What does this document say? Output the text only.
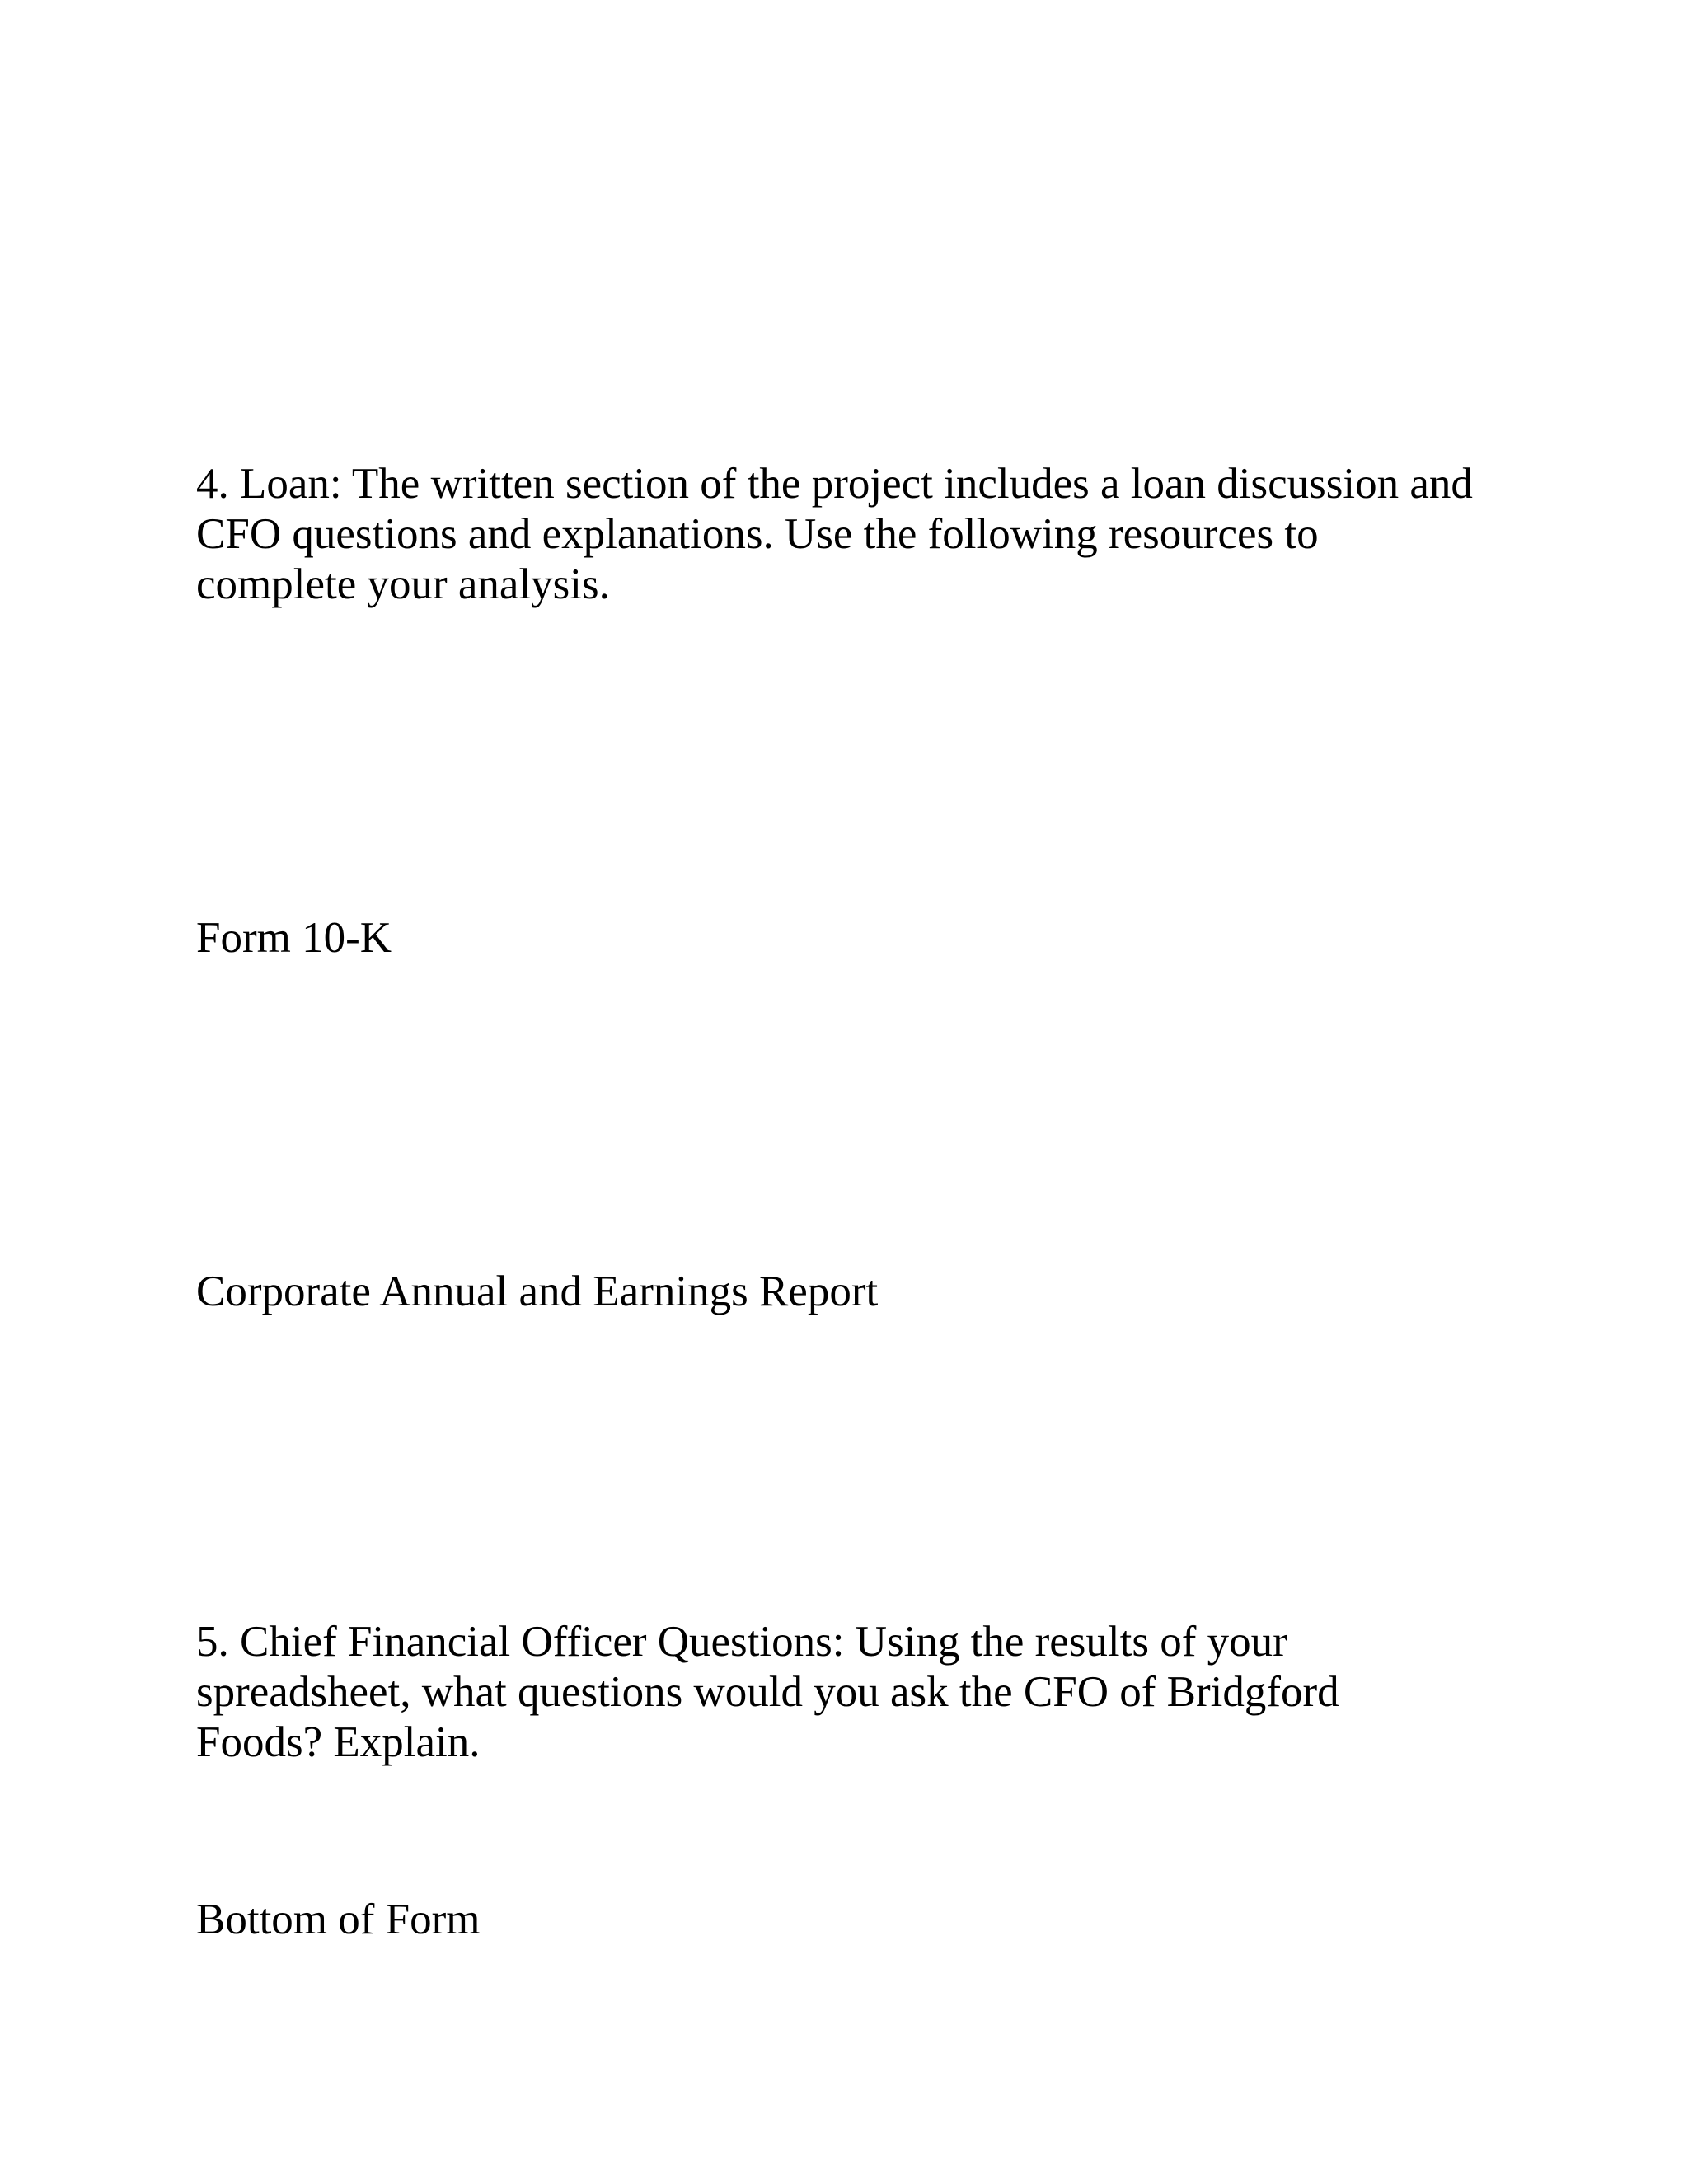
4. Loan: The written section of the project includes a loan discussion and
CFO questions and explanations. Use the following resources to
complete your analysis.

Form 10-K

Corporate Annual and Earnings Report

5. Chief Financial Officer Questions: Using the results of your
spreadsheet, what questions would you ask the CFO of Bridgford
Foods? Explain.

Bottom of Form
